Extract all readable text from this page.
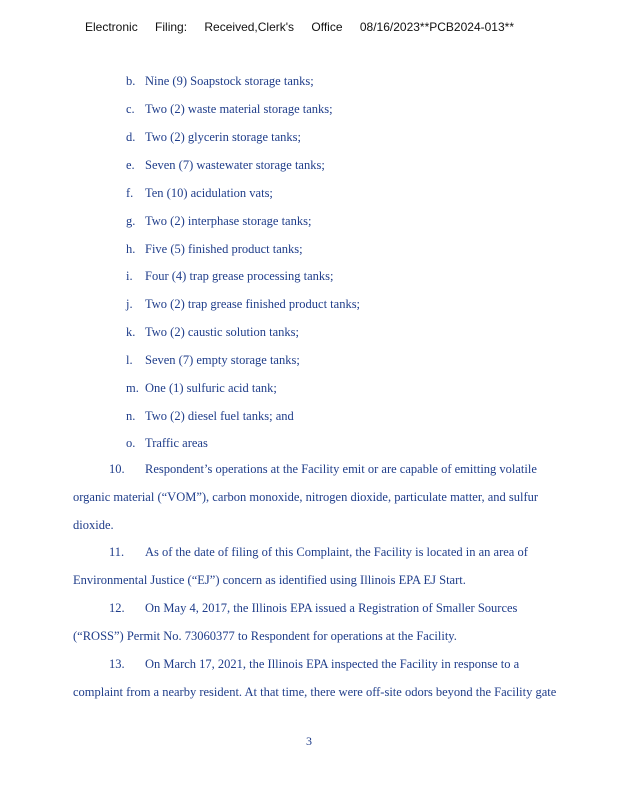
Electronic Filing: Received,Clerk's Office 08/16/2023**PCB2024-013**
b. Nine (9) Soapstock storage tanks;
c. Two (2) waste material storage tanks;
d. Two (2) glycerin storage tanks;
e. Seven (7) wastewater storage tanks;
f. Ten (10) acidulation vats;
g. Two (2) interphase storage tanks;
h. Five (5) finished product tanks;
i. Four (4) trap grease processing tanks;
j. Two (2) trap grease finished product tanks;
k. Two (2) caustic solution tanks;
l. Seven (7) empty storage tanks;
m. One (1) sulfuric acid tank;
n. Two (2) diesel fuel tanks; and
o. Traffic areas
10. Respondent’s operations at the Facility emit or are capable of emitting volatile
organic material (“VOM”), carbon monoxide, nitrogen dioxide, particulate matter, and sulfur
dioxide.
11. As of the date of filing of this Complaint, the Facility is located in an area of
Environmental Justice (“EJ”) concern as identified using Illinois EPA EJ Start.
12. On May 4, 2017, the Illinois EPA issued a Registration of Smaller Sources
(“ROSS”) Permit No. 73060377 to Respondent for operations at the Facility.
13. On March 17, 2021, the Illinois EPA inspected the Facility in response to a
complaint from a nearby resident. At that time, there were off-site odors beyond the Facility gate
3
